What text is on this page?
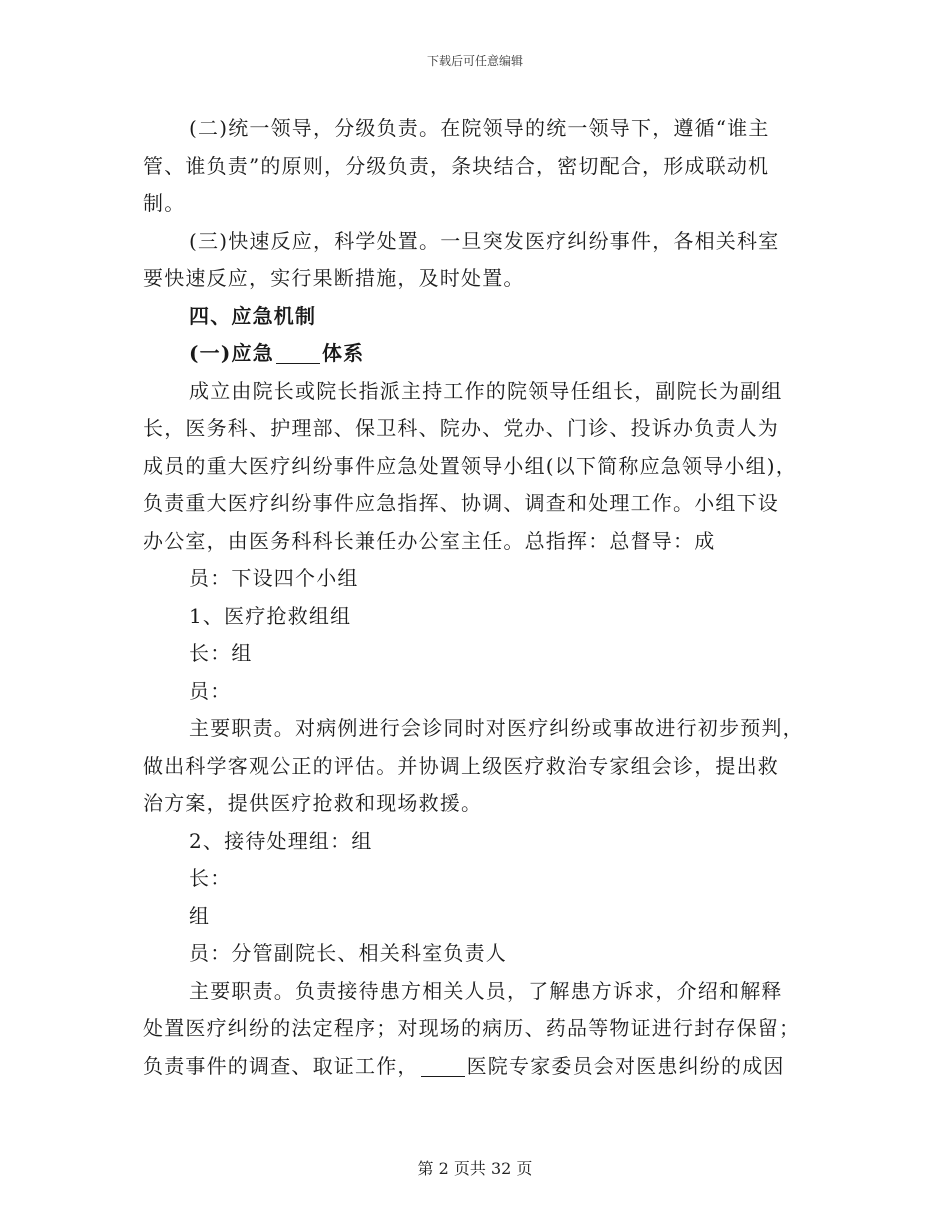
下载后可任意编辑
(二)统一领导，分级负责。在院领导的统一领导下，遵循“谁主
管、谁负责”的原则，分级负责，条块结合，密切配合，形成联动机
制。
(三)快速反应，科学处置。一旦突发医疗纠纷事件，各相关科室
要快速反应，实行果断措施，及时处置。
四、应急机制
(一)应急 体系
成立由院长或院长指派主持工作的院领导任组长，副院长为副组
长，医务科、护理部、保卫科、院办、党办、门诊、投诉办负责人为
成员的重大医疗纠纷事件应急处置领导小组(以下简称应急领导小组)，
负责重大医疗纠纷事件应急指挥、协调、调查和处理工作。小组下设
办公室，由医务科科长兼任办公室主任。总指挥：总督导：成
员：下设四个小组
1、医疗抢救组组
长：组
员：
主要职责。对病例进行会诊同时对医疗纠纷或事故进行初步预判，
做出科学客观公正的评估。并协调上级医疗救治专家组会诊，提出救
治方案，提供医疗抢救和现场救援。
2、接待处理组：组
长：
组
员：分管副院长、相关科室负责人
主要职责。负责接待患方相关人员，了解患方诉求，介绍和解释
处置医疗纠纷的法定程序；对现场的病历、药品等物证进行封存保留；
负责事件的调查、取证工作， 医院专家委员会对医患纠纷的成因
第 2 页共 32 页
